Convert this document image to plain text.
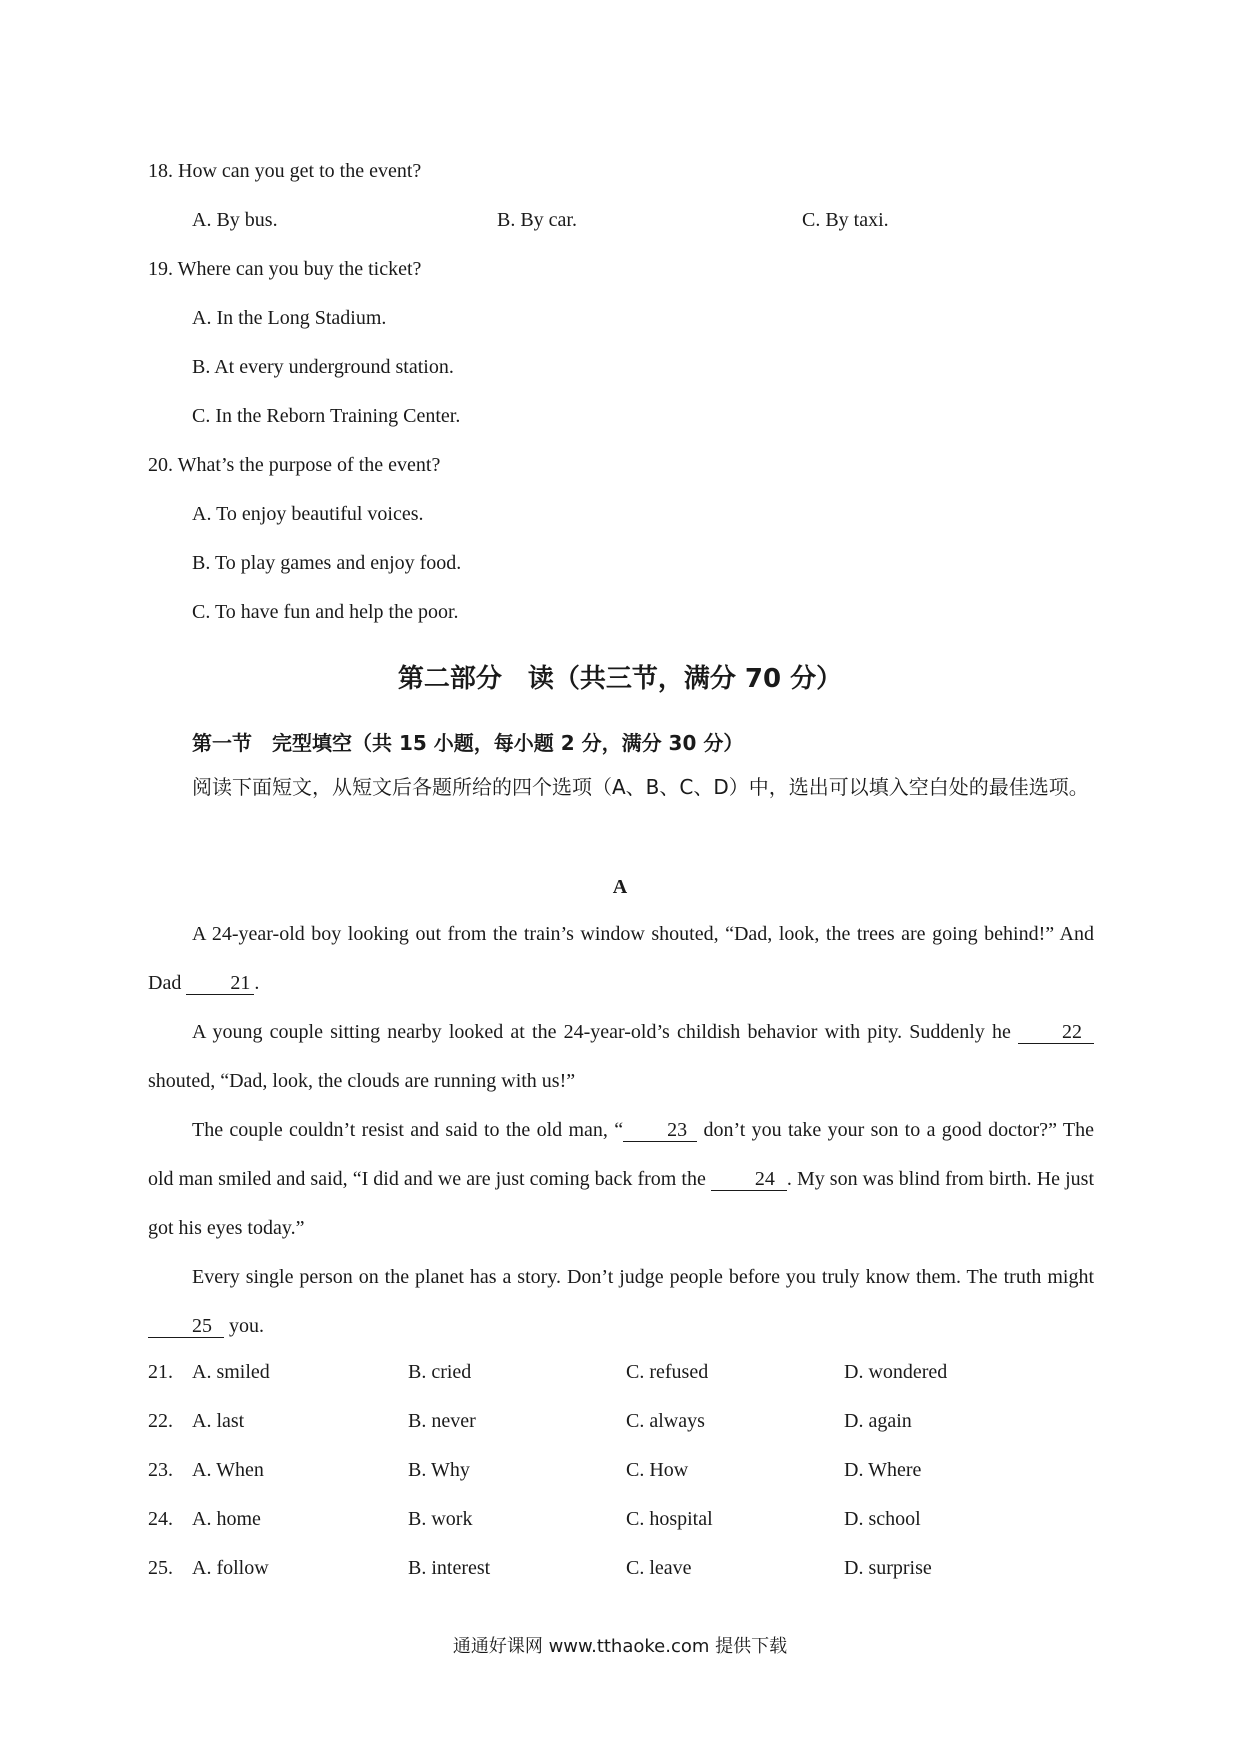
18. How can you get to the event?
A. By bus.	B. By car.	C. By taxi.
19. Where can you buy the ticket?
A. In the Long Stadium.
B. At every underground station.
C. In the Reborn Training Center.
20. What’s the purpose of the event?
A. To enjoy beautiful voices.
B. To play games and enjoy food.
C. To have fun and help the poor.
第二部分　读（共三节，满分 70 分）
第一节　完型填空（共 15 小题，每小题 2 分，满分 30 分）
阅读下面短文，从短文后各题所给的四个选项（A、B、C、D）中，选出可以填入空白处的最佳选项。
A
A 24-year-old boy looking out from the train’s window shouted, “Dad, look, the trees are going behind!” And Dad 21 .
A young couple sitting nearby looked at the 24-year-old’s childish behavior with pity. Suddenly he 22 shouted, “Dad, look, the clouds are running with us!”
The couple couldn’t resist and said to the old man, “ 23 don’t you take your son to a good doctor?” The old man smiled and said, “I did and we are just coming back from the 24 . My son was blind from birth. He just got his eyes today.”
Every single person on the planet has a story. Don’t judge people before you truly know them. The truth might 25 you.
21. A. smiled	B. cried	C. refused	D. wondered
22. A. last	B. never	C. always	D. again
23. A. When	B. Why	C. How	D. Where
24. A. home	B. work	C. hospital	D. school
25. A. follow	B. interest	C. leave	D. surprise
通通好课网 www.tthaoke.com 提供下载
